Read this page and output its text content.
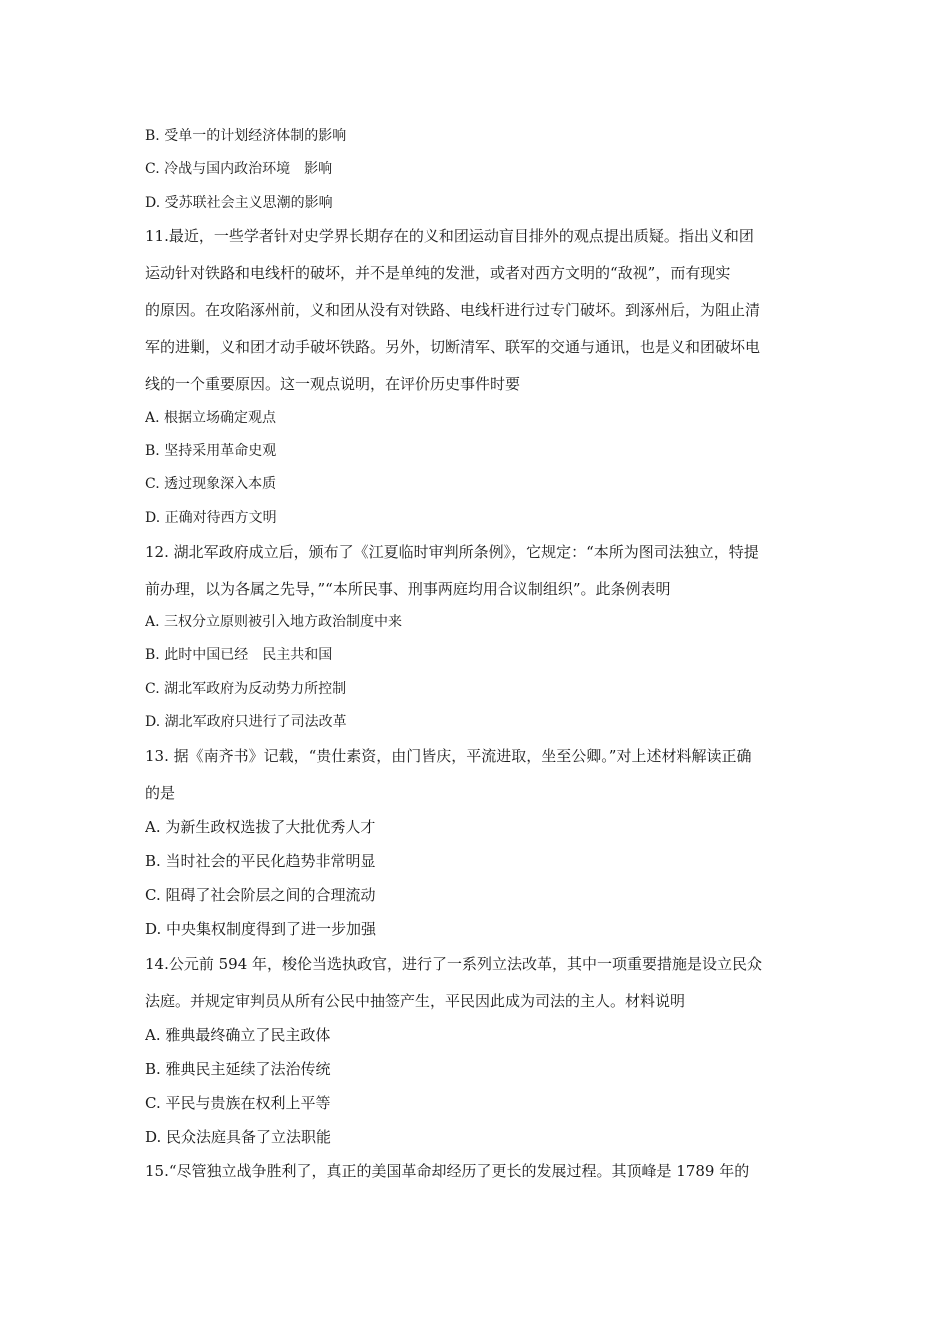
B. 受单一的计划经济体制的影响
C. 冷战与国内政治环境 影响
D. 受苏联社会主义思潮的影响
11.最近，一些学者针对史学界长期存在的义和团运动盲目排外的观点提出质疑。指出义和团
运动针对铁路和电线杆的破坏，并不是单纯的发泄，或者对西方文明的“敌视”，而有现实
的原因。在攻陷涿州前，义和团从没有对铁路、电线杆进行过专门破坏。到涿州后，为阻止清
军的进剿，义和团才动手破坏铁路。另外，切断清军、联军的交通与通讯，也是义和团破坏电
线的一个重要原因。这一观点说明，在评价历史事件时要
A. 根据立场确定观点
B. 坚持采用革命史观
C. 透过现象深入本质
D. 正确对待西方文明
12. 湖北军政府成立后，颁布了《江夏临时审判所条例》，它规定：“本所为图司法独立，特提
前办理，以为各属之先导，”“本所民事、刑事两庭均用合议制组织”。此条例表明
A. 三权分立原则被引入地方政治制度中来
B. 此时中国已经 民主共和国
C. 湖北军政府为反动势力所控制
D. 湖北军政府只进行了司法改革
13. 据《南齐书》记载，“贵仕素资，由门皆庆，平流进取，坐至公卿。”对上述材料解读正确
的是
A. 为新生政权选拔了大批优秀人才
B. 当时社会的平民化趋势非常明显
C. 阻碍了社会阶层之间的合理流动
D. 中央集权制度得到了进一步加强
14.公元前 594 年，梭伦当选执政官，进行了一系列立法改革，其中一项重要措施是设立民众
法庭。并规定审判员从所有公民中抽签产生，平民因此成为司法的主人。材料说明
A. 雅典最终确立了民主政体
B. 雅典民主延续了法治传统
C. 平民与贵族在权利上平等
D. 民众法庭具备了立法职能
15.“尽管独立战争胜利了，真正的美国革命却经历了更长的发展过程。其顶峰是 1789 年的
